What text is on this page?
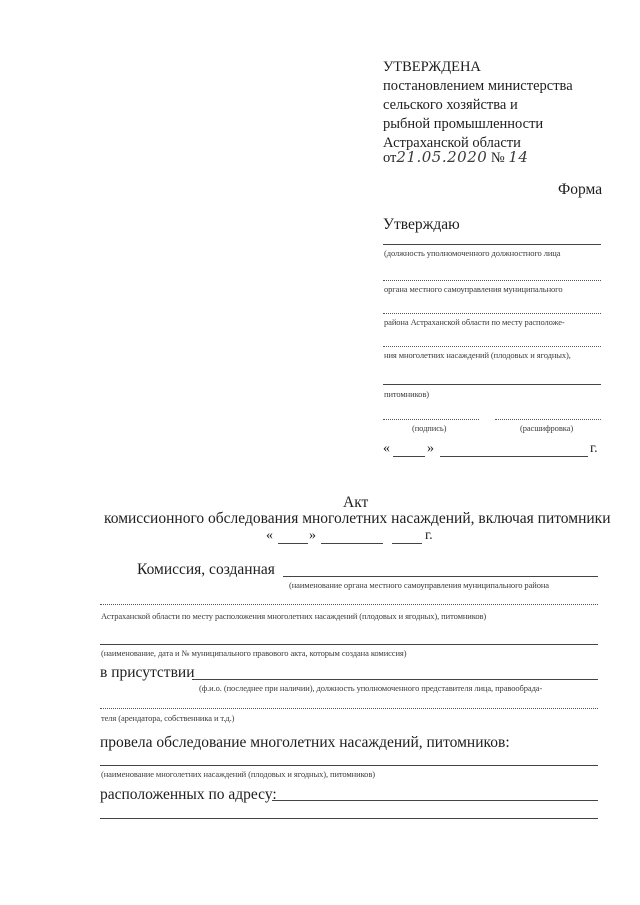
УТВЕРЖДЕНА
постановлением министерства
сельского хозяйства и
рыбной промышленности
Астраханской области
от21.05.2020 № 14
Форма
Утверждаю
(должность уполномоченного должностного лица
органа местного самоуправления муниципального
района Астраханской области по месту расположе-
ния многолетних насаждений (плодовых и ягодных),
питомников)
(подпись)	(расшифровка)
«	»	г.
Акт
комиссионного обследования многолетних насаждений, включая питомники
«	»	г.
Комиссия, созданная
(наименование органа местного самоуправления муниципального района
Астраханской области по месту расположения многолетних насаждений (плодовых и ягодных), питомников)
(наименование, дата и № муниципального правового акта, которым создана комиссия)
в присутствии
(ф.и.о. (последнее при наличии), должность уполномоченного представителя лица, правообрада-
теля (арендатора, собственника и т.д.)
провела обследование многолетних насаждений, питомников:
(наименование многолетних насаждений (плодовых и ягодных), питомников)
расположенных по адресу:
